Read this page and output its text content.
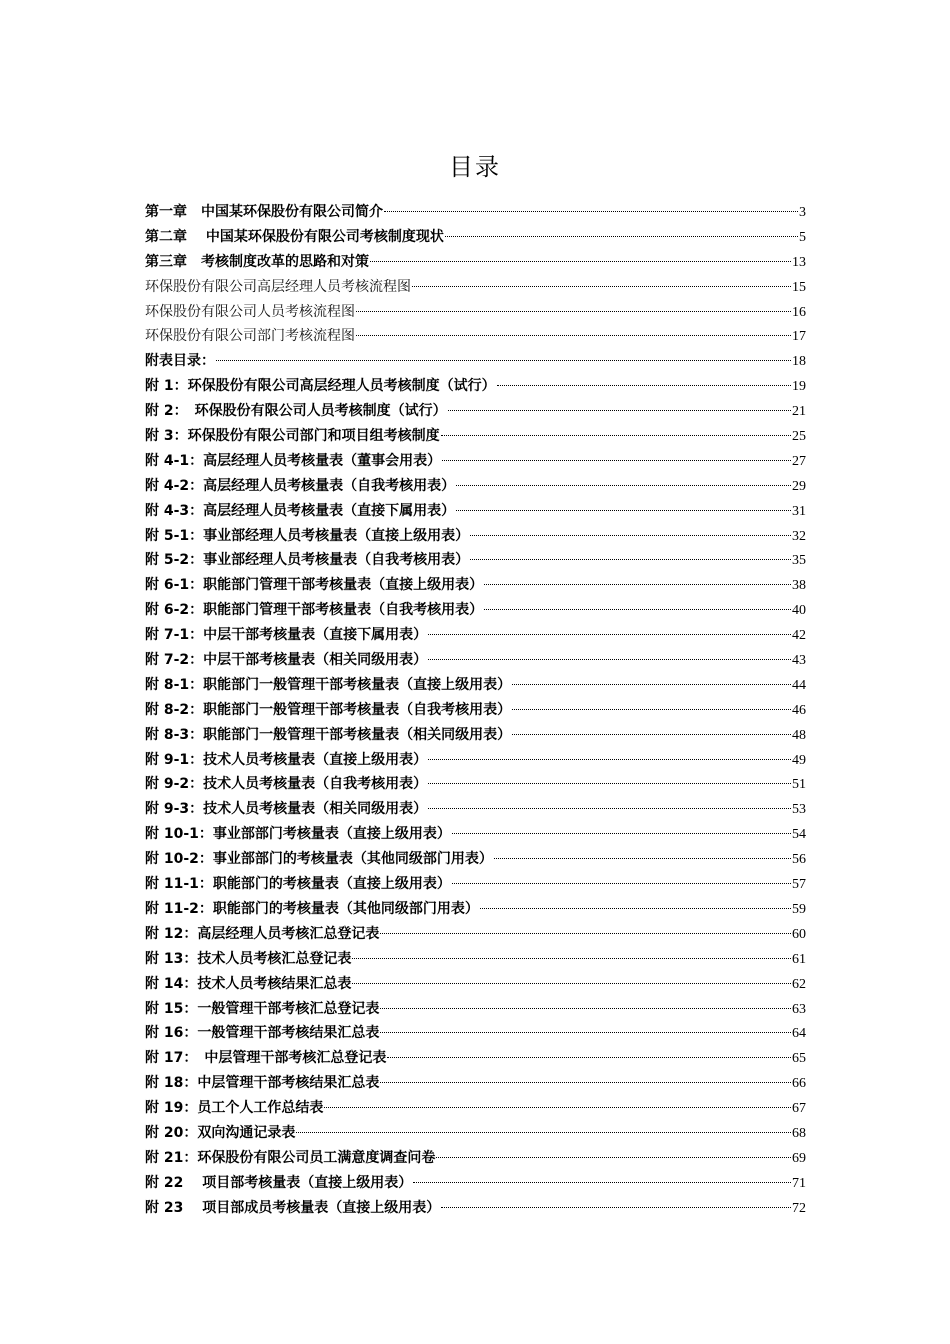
目录
第一章　中国某环保股份有限公司简介	3
第二章　 中国某环保股份有限公司考核制度现状	5
第三章　考核制度改革的思路和对策	13
环保股份有限公司高层经理人员考核流程图	15
环保股份有限公司人员考核流程图	16
环保股份有限公司部门考核流程图	17
附表目录：	18
附 1：环保股份有限公司高层经理人员考核制度（试行）	19
附 2：　环保股份有限公司人员考核制度（试行）	21
附 3：环保股份有限公司部门和项目组考核制度	25
附 4-1：高层经理人员考核量表（董事会用表）	27
附 4-2：高层经理人员考核量表（自我考核用表）	29
附 4-3：高层经理人员考核量表（直接下属用表）	31
附 5-1：事业部经理人员考核量表（直接上级用表）	32
附 5-2：事业部经理人员考核量表（自我考核用表）	35
附 6-1：职能部门管理干部考核量表（直接上级用表）	38
附 6-2：职能部门管理干部考核量表（自我考核用表）	40
附 7-1：中层干部考核量表（直接下属用表）	42
附 7-2：中层干部考核量表（相关同级用表）	43
附 8-1：职能部门一般管理干部考核量表（直接上级用表）	44
附 8-2：职能部门一般管理干部考核量表（自我考核用表）	46
附 8-3：职能部门一般管理干部考核量表（相关同级用表）	48
附 9-1：技术人员考核量表（直接上级用表）	49
附 9-2：技术人员考核量表（自我考核用表）	51
附 9-3：技术人员考核量表（相关同级用表）	53
附 10-1：事业部部门考核量表（直接上级用表）	54
附 10-2：事业部部门的考核量表（其他同级部门用表）	56
附 11-1：职能部门的考核量表（直接上级用表）	57
附 11-2：职能部门的考核量表（其他同级部门用表）	59
附 12：高层经理人员考核汇总登记表	60
附 13：技术人员考核汇总登记表	61
附 14：技术人员考核结果汇总表	62
附 15：一般管理干部考核汇总登记表	63
附 16：一般管理干部考核结果汇总表	64
附 17：　中层管理干部考核汇总登记表	65
附 18：中层管理干部考核结果汇总表	66
附 19：员工个人工作总结表	67
附 20：双向沟通记录表	68
附 21：环保股份有限公司员工满意度调查问卷	69
附 22　 项目部考核量表（直接上级用表）	71
附 23　 项目部成员考核量表（直接上级用表）	72
